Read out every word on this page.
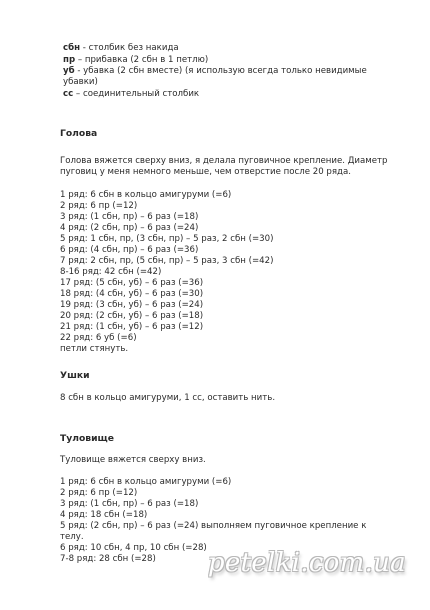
сбн - столбик без накида
пр – прибавка (2 сбн в 1 петлю)
уб - убавка (2 сбн вместе) (я использую всегда только невидимые
убавки)
сс – соединительный столбик
Голова
Голова вяжется сверху вниз, я делала пуговичное крепление. Диаметр
пуговиц у меня немного меньше, чем отверстие после 20 ряда.
1 ряд: 6 сбн в кольцо амигуруми (=6)
2 ряд: 6 пр (=12)
3 ряд: (1 сбн, пр) – 6 раз (=18)
4 ряд: (2 сбн, пр) – 6 раз (=24)
5 ряд: 1 сбн, пр, (3 сбн, пр) – 5 раз, 2 сбн (=30)
6 ряд: (4 сбн, пр) – 6 раз (=36)
7 ряд: 2 сбн, пр, (5 сбн, пр) – 5 раз, 3 сбн (=42)
8-16 ряд: 42 сбн (=42)
17 ряд: (5 сбн, уб) – 6 раз (=36)
18 ряд: (4 сбн, уб) – 6 раз (=30)
19 ряд: (3 сбн, уб) – 6 раз (=24)
20 ряд: (2 сбн, уб) – 6 раз (=18)
21 ряд: (1 сбн, уб) – 6 раз (=12)
22 ряд: 6 уб (=6)
петли стянуть.
Ушки
8 сбн в кольцо амигуруми, 1 сс, оставить нить.
Туловище
Туловище вяжется сверху вниз.
1 ряд: 6 сбн в кольцо амигуруми (=6)
2 ряд: 6 пр (=12)
3 ряд: (1 сбн, пр) – 6 раз (=18)
4 ряд: 18 сбн (=18)
5 ряд: (2 сбн, пр) – 6 раз (=24) выполняем пуговичное крепление к
телу.
6 ряд: 10 сбн, 4 пр, 10 сбн (=28)
7-8 ряд: 28 сбн (=28) petelki.com.ua
